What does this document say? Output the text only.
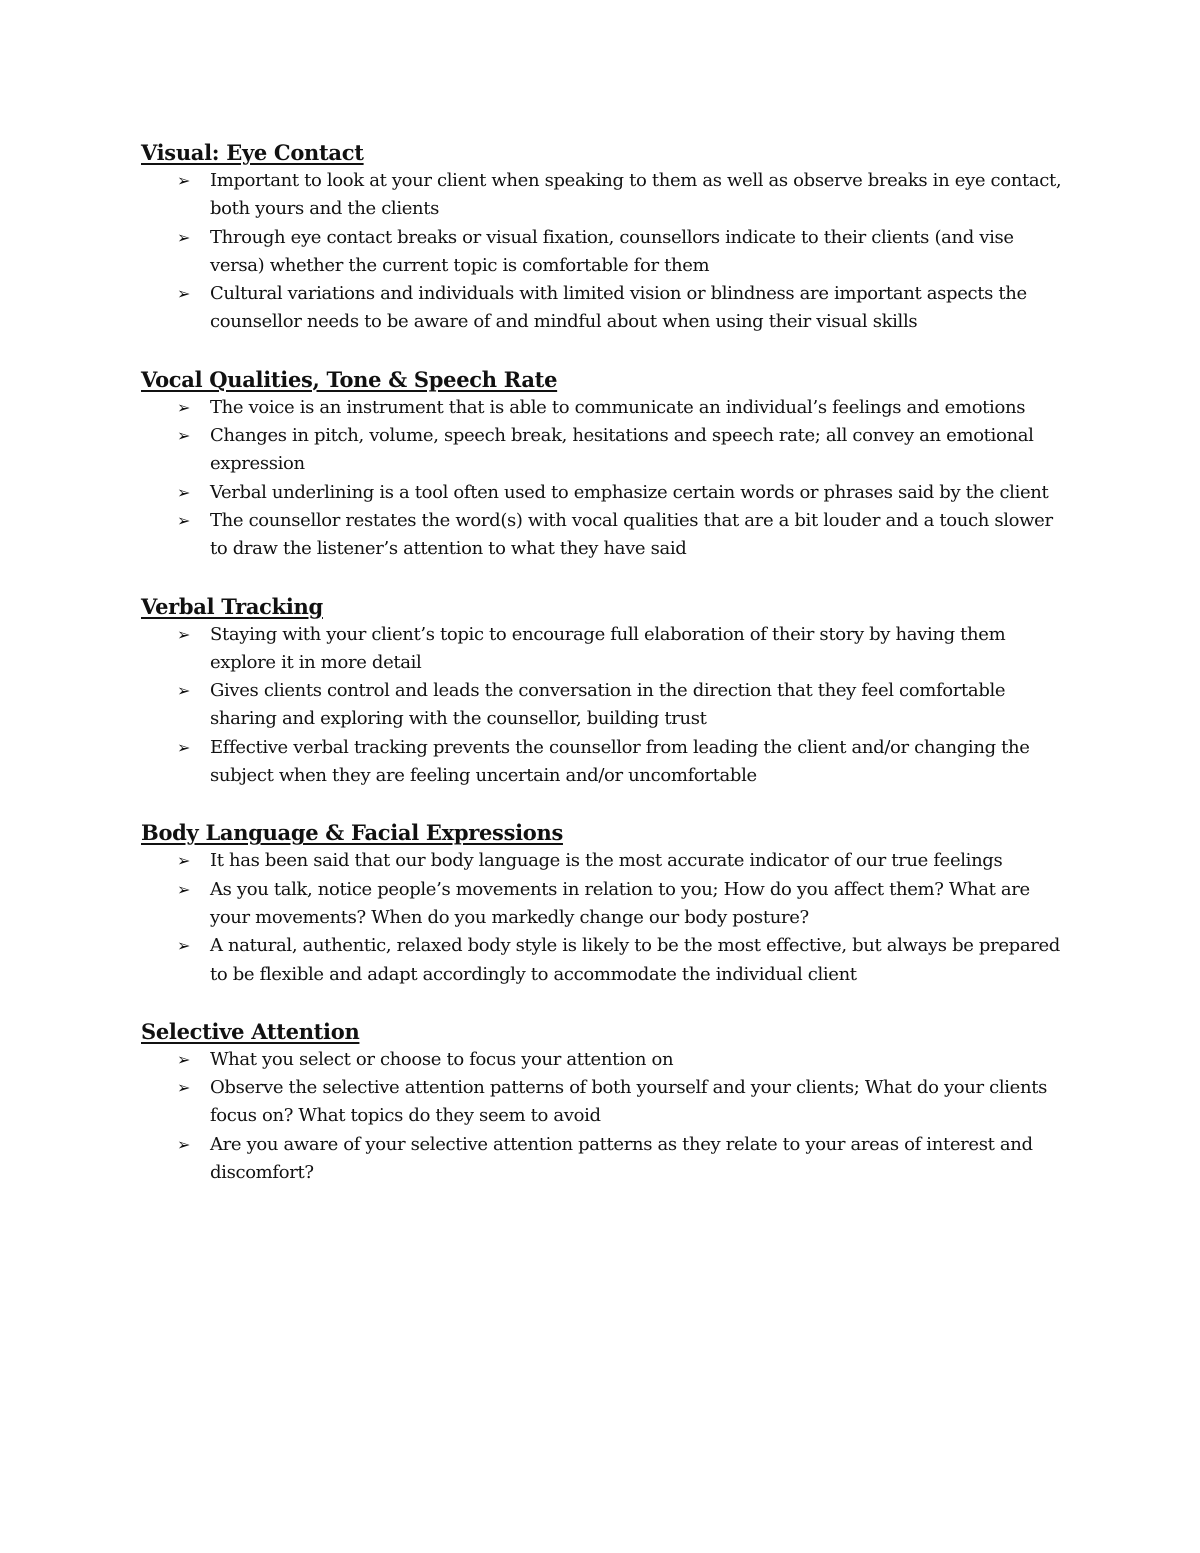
Visual: Eye Contact
➢ Important to look at your client when speaking to them as well as observe breaks in eye contact, both yours and the clients
➢ Through eye contact breaks or visual fixation, counsellors indicate to their clients (and vise versa) whether the current topic is comfortable for them
➢ Cultural variations and individuals with limited vision or blindness are important aspects the counsellor needs to be aware of and mindful about when using their visual skills
Vocal Qualities, Tone & Speech Rate
➢ The voice is an instrument that is able to communicate an individual’s feelings and emotions
➢ Changes in pitch, volume, speech break, hesitations and speech rate; all convey an emotional expression
➢ Verbal underlining is a tool often used to emphasize certain words or phrases said by the client
➢ The counsellor restates the word(s) with vocal qualities that are a bit louder and a touch slower to draw the listener’s attention to what they have said
Verbal Tracking
➢ Staying with your client’s topic to encourage full elaboration of their story by having them explore it in more detail
➢ Gives clients control and leads the conversation in the direction that they feel comfortable sharing and exploring with the counsellor, building trust
➢ Effective verbal tracking prevents the counsellor from leading the client and/or changing the subject when they are feeling uncertain and/or uncomfortable
Body Language & Facial Expressions
➢ It has been said that our body language is the most accurate indicator of our true feelings
➢ As you talk, notice people’s movements in relation to you; How do you affect them? What are your movements? When do you markedly change our body posture?
➢ A natural, authentic, relaxed body style is likely to be the most effective, but always be prepared to be flexible and adapt accordingly to accommodate the individual client
Selective Attention
➢ What you select or choose to focus your attention on
➢ Observe the selective attention patterns of both yourself and your clients; What do your clients focus on? What topics do they seem to avoid
➢ Are you aware of your selective attention patterns as they relate to your areas of interest and discomfort?
